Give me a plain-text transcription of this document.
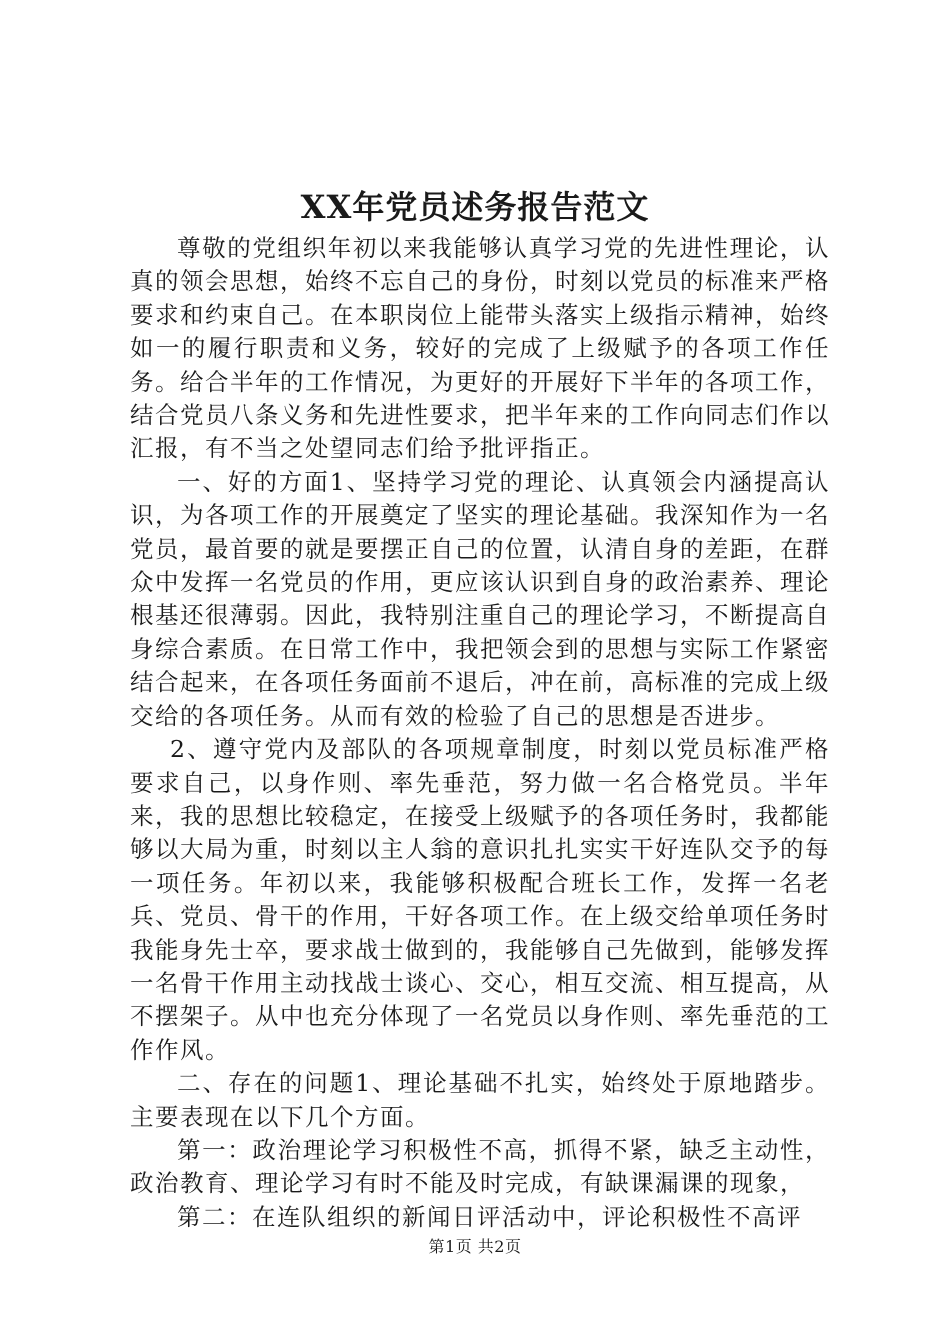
XX年党员述务报告范文

尊敬的党组织年初以来我能够认真学习党的先进性理论，认真的领会思想，始终不忘自己的身份，时刻以党员的标准来严格要求和约束自己。在本职岗位上能带头落实上级指示精神，始终如一的履行职责和义务，较好的完成了上级赋予的各项工作任务。给合半年的工作情况，为更好的开展好下半年的各项工作，结合党员八条义务和先进性要求，把半年来的工作向同志们作以汇报，有不当之处望同志们给予批评指正。

一、好的方面1、坚持学习党的理论、认真领会内涵提高认识，为各项工作的开展奠定了坚实的理论基础。我深知作为一名党员，最首要的就是要摆正自己的位置，认清自身的差距，在群众中发挥一名党员的作用，更应该认识到自身的政治素养、理论根基还很薄弱。因此，我特别注重自己的理论学习，不断提高自身综合素质。在日常工作中，我把领会到的思想与实际工作紧密结合起来，在各项任务面前不退后，冲在前，高标准的完成上级交给的各项任务。从而有效的检验了自己的思想是否进步。

2、遵守党内及部队的各项规章制度，时刻以党员标准严格要求自己，以身作则、率先垂范，努力做一名合格党员。半年来，我的思想比较稳定，在接受上级赋予的各项任务时，我都能够以大局为重，时刻以主人翁的意识扎扎实实干好连队交予的每一项任务。年初以来，我能够积极配合班长工作，发挥一名老兵、党员、骨干的作用，干好各项工作。在上级交给单项任务时我能身先士卒，要求战士做到的，我能够自己先做到，能够发挥一名骨干作用主动找战士谈心、交心，相互交流、相互提高，从不摆架子。从中也充分体现了一名党员以身作则、率先垂范的工作作风。

二、存在的问题1、理论基础不扎实，始终处于原地踏步。主要表现在以下几个方面。

第一：政治理论学习积极性不高，抓得不紧，缺乏主动性，政治教育、理论学习有时不能及时完成，有缺课漏课的现象，

第二：在连队组织的新闻日评活动中，评论积极性不高评

第1页 共2页
